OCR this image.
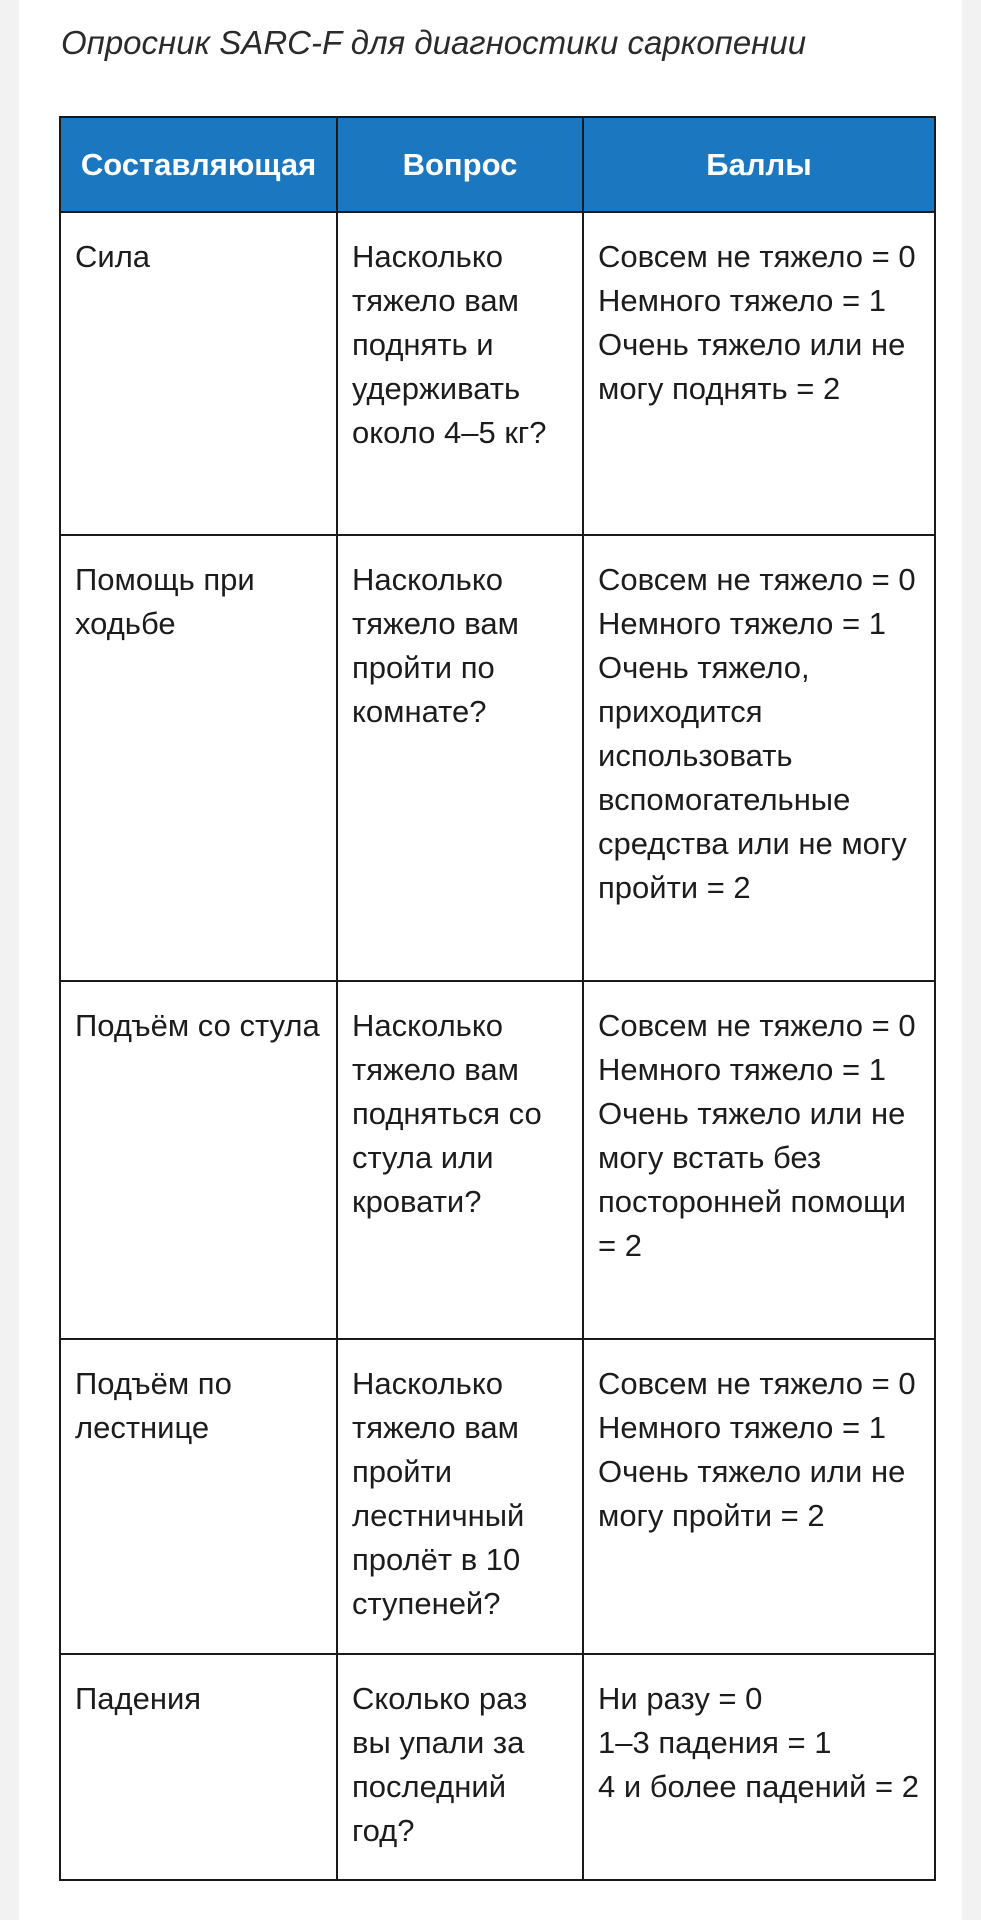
Опросник SARC-F для диагностики саркопении

Составляющая	Вопрос	Баллы
Сила	Насколько тяжело вам поднять и удерживать около 4–5 кг?	Совсем не тяжело = 0
Немного тяжело = 1
Очень тяжело или не могу поднять = 2

Помощь при ходьбе	Насколько тяжело вам пройти по комнате?	Совсем не тяжело = 0
Немного тяжело = 1
Очень тяжело, приходится использовать вспомогательные средства или не могу пройти = 2

Подъём со стула	Насколько тяжело вам подняться со стула или кровати?	Совсем не тяжело = 0
Немного тяжело = 1
Очень тяжело или не могу встать без посторонней помощи = 2

Подъём по лестнице	Насколько тяжело вам пройти лестничный пролёт в 10 ступеней?	Совсем не тяжело = 0
Немного тяжело = 1
Очень тяжело или не могу пройти = 2

Падения	Сколько раз вы упали за последний год?	Ни разу = 0
1–3 падения = 1
4 и более падений = 2
